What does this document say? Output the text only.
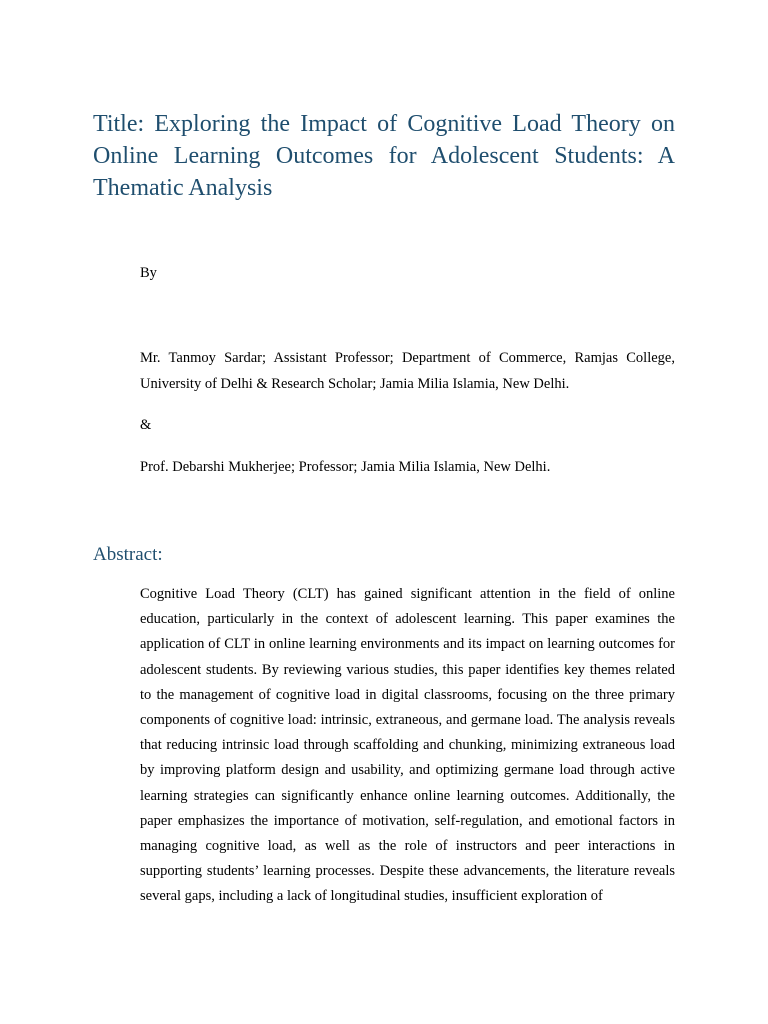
Title: Exploring the Impact of Cognitive Load Theory on Online Learning Outcomes for Adolescent Students: A Thematic Analysis

By

Mr. Tanmoy Sardar; Assistant Professor; Department of Commerce, Ramjas College, University of Delhi & Research Scholar; Jamia Milia Islamia, New Delhi.

&

Prof. Debarshi Mukherjee; Professor; Jamia Milia Islamia, New Delhi.

Abstract:

Cognitive Load Theory (CLT) has gained significant attention in the field of online education, particularly in the context of adolescent learning. This paper examines the application of CLT in online learning environments and its impact on learning outcomes for adolescent students. By reviewing various studies, this paper identifies key themes related to the management of cognitive load in digital classrooms, focusing on the three primary components of cognitive load: intrinsic, extraneous, and germane load. The analysis reveals that reducing intrinsic load through scaffolding and chunking, minimizing extraneous load by improving platform design and usability, and optimizing germane load through active learning strategies can significantly enhance online learning outcomes. Additionally, the paper emphasizes the importance of motivation, self-regulation, and emotional factors in managing cognitive load, as well as the role of instructors and peer interactions in supporting students’ learning processes. Despite these advancements, the literature reveals several gaps, including a lack of longitudinal studies, insufficient exploration of
